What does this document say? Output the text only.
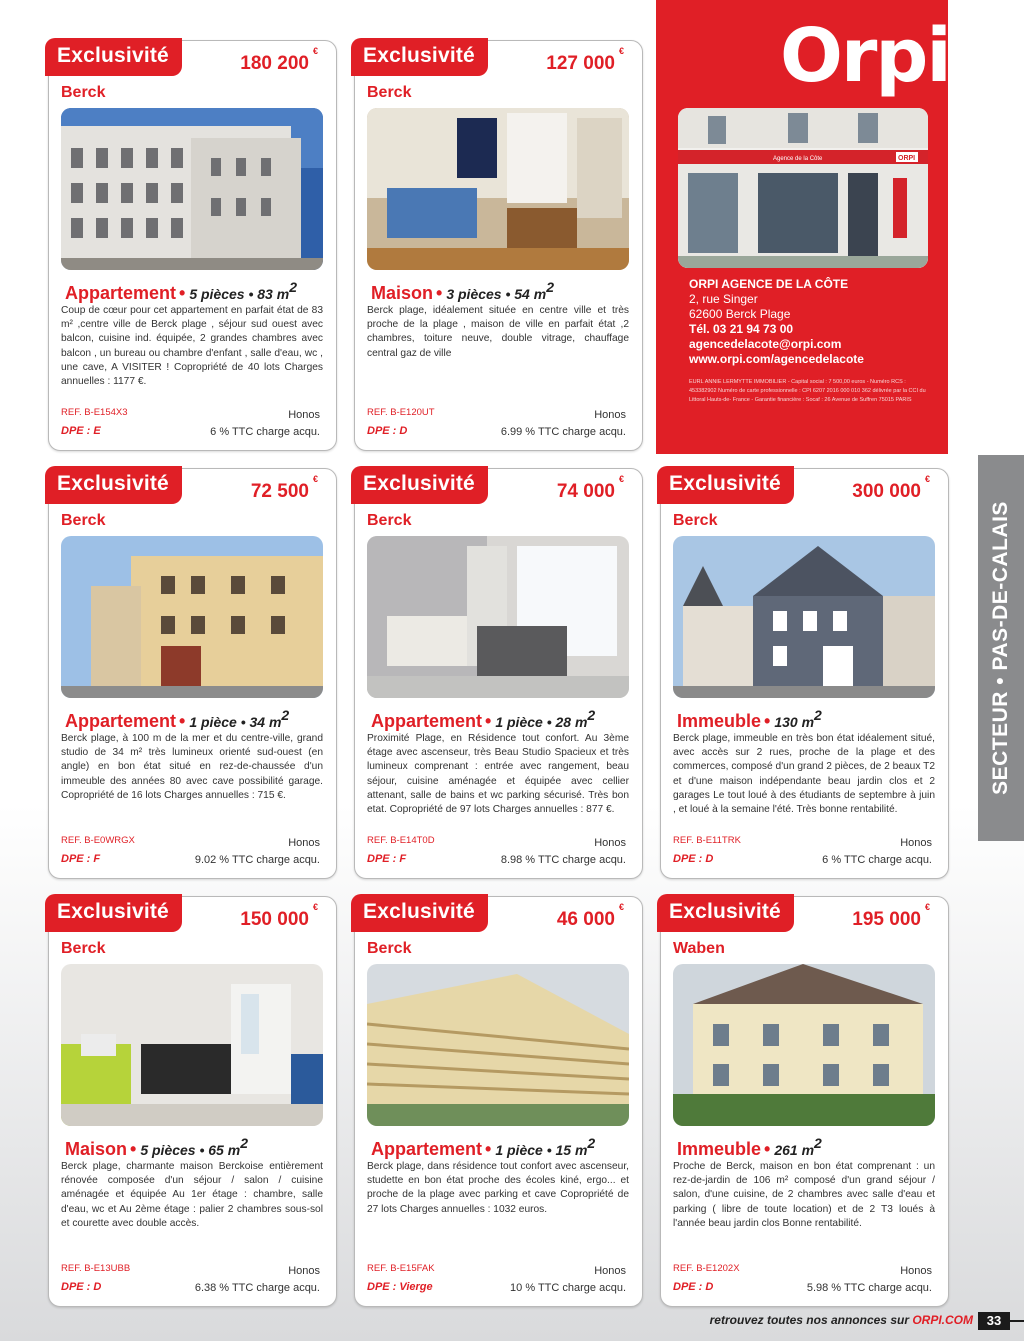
Exclusivité	180 200€
Berck
Appartement • 5 pièces • 83 $m^2$
Coup de cœur pour cet appartement en parfait état de 83 m² ,centre ville de Berck plage , séjour sud ouest avec balcon, cuisine ind. équipée, 2 grandes chambres avec balcon , un bureau ou chambre d'enfant , salle d'eau, wc , une cave, A VISITER ! Copropriété de 40 lots Charges annuelles : 1177 €.
REF. B-E154X3
DPE : E
Honos
6 % TTC charge acqu.
Exclusivité	127 000€
Berck
Maison • 3 pièces • 54 $m^2$
Berck plage, idéalement située en centre ville et très proche de la plage , maison de ville en parfait état ,2 chambres, toiture neuve, double vitrage, chauffage central gaz de ville
REF. B-E120UT
DPE : D
Honos
6.99 % TTC charge acqu.
Orpi
Agence de la Côte	ORPI
ORPI AGENCE DE LA CÔTE
2, rue Singer
62600 Berck Plage
Tél. 03 21 94 73 00
agencedelacote@orpi.com
www.orpi.com/agencedelacote
EURL ANNIE LERMYTTE IMMOBILIER - Capital social : 7 500,00 euros - Numéro RCS : 453382902 Numéro de carte professionnelle : CPI 6207 2016 000 010 362 délivrée par la CCI du Littoral Hauts-de- France - Garantie financière : Socaf : 26 Avenue de Suffren 75015 PARIS
Exclusivité	72 500€
Berck
Appartement • 1 pièce • 34 $m^2$
Berck plage, à 100 m de la mer et du centre-ville, grand studio de 34 m² très lumineux orienté sud-ouest (en angle) en bon état situé en rez-de-chaussée d'un immeuble des années 80 avec cave possibilité garage. Copropriété de 16 lots Charges annuelles : 715 €.
REF. B-E0WRGX
DPE : F
Honos
9.02 % TTC charge acqu.
Exclusivité	74 000€
Berck
Appartement • 1 pièce • 28 $m^2$
Proximité Plage, en Résidence tout confort. Au 3ème étage avec ascenseur, très Beau Studio Spacieux et très lumineux comprenant : entrée avec rangement, beau séjour, cuisine aménagée et équipée avec cellier attenant, salle de bains et wc parking sécurisé. Très bon etat. Copropriété de 97 lots Charges annuelles : 877 €.
REF. B-E14T0D
DPE : F
Honos
8.98 % TTC charge acqu.
Exclusivité	300 000€
Berck
Immeuble • 130 $m^2$
Berck plage, immeuble en très bon état idéalement situé, avec accès sur 2 rues, proche de la plage et des commerces, composé d'un grand 2 pièces, de 2 beaux T2 et d'une maison indépendante beau jardin clos et 2 garages Le tout loué à des étudiants de septembre à juin , et loué à la semaine l'été. Très bonne rentabilité.
REF. B-E11TRK
DPE : D
Honos
6 % TTC charge acqu.
Exclusivité	150 000€
Berck
Maison • 5 pièces • 65 $m^2$
Berck plage, charmante maison Berckoise entièrement rénovée composée d'un séjour / salon / cuisine aménagée et équipée Au 1er étage : chambre, salle d'eau, wc et Au 2ème étage : palier 2 chambres sous-sol et courette avec double accès.
REF. B-E13UBB
DPE : D
Honos
6.38 % TTC charge acqu.
Exclusivité	46 000€
Berck
Appartement • 1 pièce • 15 $m^2$
Berck plage, dans résidence tout confort avec ascenseur, studette en bon état proche des écoles kiné, ergo... et proche de la plage avec parking et cave Copropriété de 27 lots Charges annuelles : 1032 euros.
REF. B-E15FAK
DPE : Vierge
Honos
10 % TTC charge acqu.
Exclusivité	195 000€
Waben
Immeuble • 261 $m^2$
Proche de Berck, maison en bon état comprenant : un rez-de-jardin de 106 m² composé d'un grand séjour / salon, d'une cuisine, de 2 chambres avec salle d'eau et parking ( libre de toute location) et de 2 T3 loués à l'année beau jardin clos Bonne rentabilité.
REF. B-E1202X
DPE : D
Honos
5.98 % TTC charge acqu.
SECTEUR • PAS-DE-CALAIS
retrouvez toutes nos annonces sur ORPI.COM	33
